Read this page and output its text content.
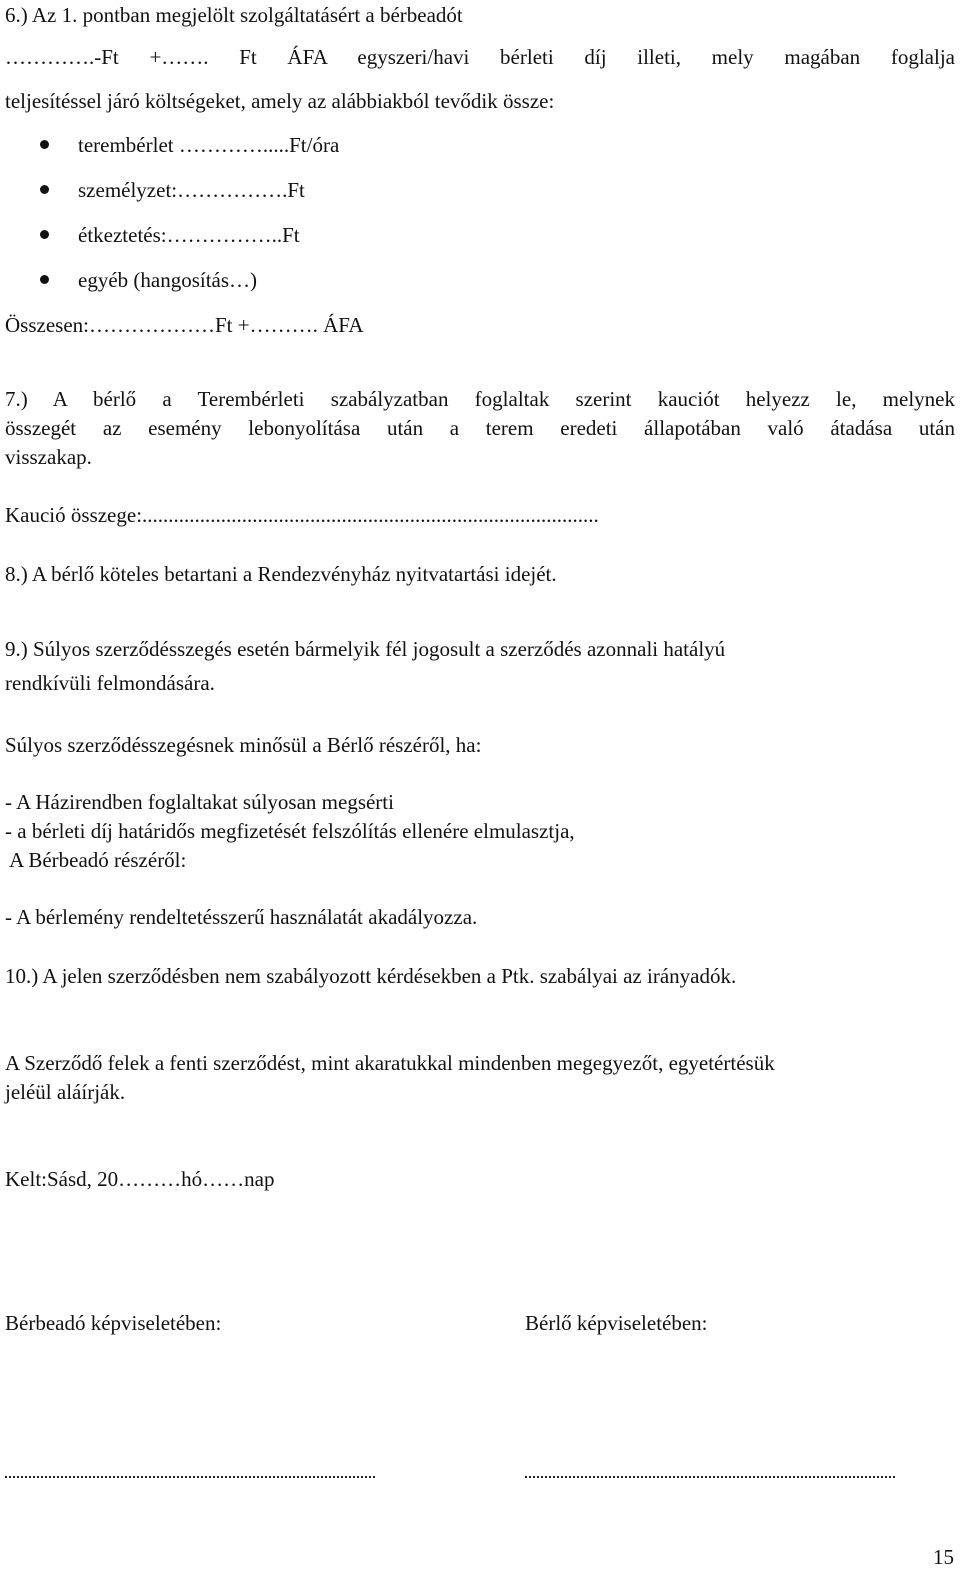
6.) Az 1. pontban megjelölt szolgáltatásért a bérbeadót

………….-Ft +……. Ft ÁFA egyszeri/havi bérleti díj illeti, mely magában foglalja

teljesítéssel járó költségeket, amely az alábbiakból tevődik össze:

terembérlet ………….....Ft/óra
személyzet:…………….Ft
étkeztetés:……………..Ft
egyéb (hangosítás…)

Összesen:………………Ft +………. ÁFA

7.) A bérlő a Terembérleti szabályzatban foglaltak szerint kauciót helyezz le, melynek

összegét az esemény lebonyolítása után a terem eredeti állapotában való átadása után

visszakap.

Kaució összege:.......................................................................................

8.) A bérlő köteles betartani a Rendezvényház nyitvatartási idejét.

9.) Súlyos szerződésszegés esetén bármelyik fél jogosult a szerződés azonnali hatályú

rendkívüli felmondására.

Súlyos szerződésszegésnek minősül a Bérlő részéről, ha:

- A Házirendben foglaltakat súlyosan megsérti

- a bérleti díj határidős megfizetését felszólítás ellenére elmulasztja,

A Bérbeadó részéről:

- A bérlemény rendeltetésszerű használatát akadályozza.

10.) A jelen szerződésben nem szabályozott kérdésekben a Ptk. szabályai az irányadók.

A Szerződő felek a fenti szerződést, mint akaratukkal mindenben megegyezőt, egyetértésük

jeléül aláírják.

Kelt:Sásd, 20………hó……nap

Bérbeadó képviseletében:	Bérlő képviseletében:

15
